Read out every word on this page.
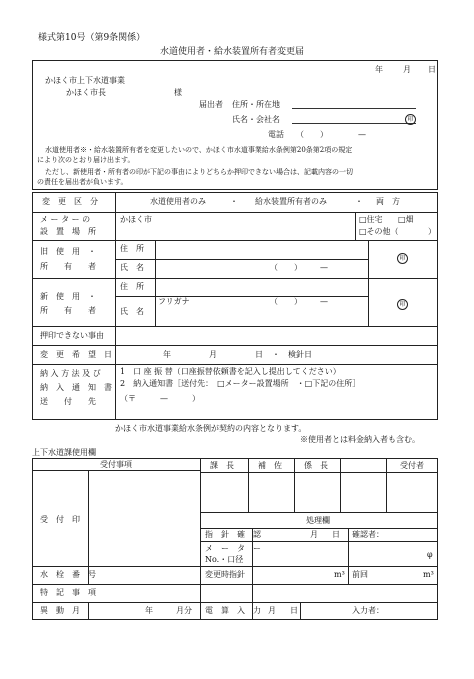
様式第10号（第9条関係）
水道使用者・給水装置所有者変更届
年	月 日
かほく市上下水道事業
かほく市長	様
届出者 住所・所在地
氏名・会社名	印
電話 （　　）	—
水道使用者※・給水装置所有者を変更したいので、かほく市水道事業給水条例第20条第2項の規定
により次のとおり届け出ます。
ただし、新使用者・所有者の印が下記の事由によりどちらか押印できない場合は、記載内容の一切
の責任を届出者が負います。
変　更　区　分	水道使用者のみ	・ 給水装置所有者のみ	・ 両　方
メ ー タ ー の
設　置　場　所
かほく市	□住宅 □畑
□その他（	）
旧　使　用　・
所　　有　　者
住　所
氏　名	（　　） —
印
新　使　用　・
所　　有　　者
住　所
氏　名
フリガナ	（　　） —	印
押印できない事由
変　更　希　望　日	年	月	日 ・　検針日
納 入 方 法 及 び
納　入　通　知　書
送　　付　　先
1　口 座 振 替（口座振替依頼書を記入し提出してください）
2　納入通知書［送付先：　□メーター設置場所　・□下記の住所］
（〒　　　—　　　）
かほく市水道事業給水条例が契約の内容となります。
※使用者とは料金納入者も含む。
上下水道課使用欄
受付事項
受　付　印
課　長	補　佐	係　長	受付者
処理欄
指　針　確　認	月 日 確認者：
メ　ー　タ　ー
No.・口径
φ
水　栓　番　号	変更時指針	m³ 前回	m³
特　記　事　項
異　動　月	年	月分 電　算　入　力 月 日	入力者：
